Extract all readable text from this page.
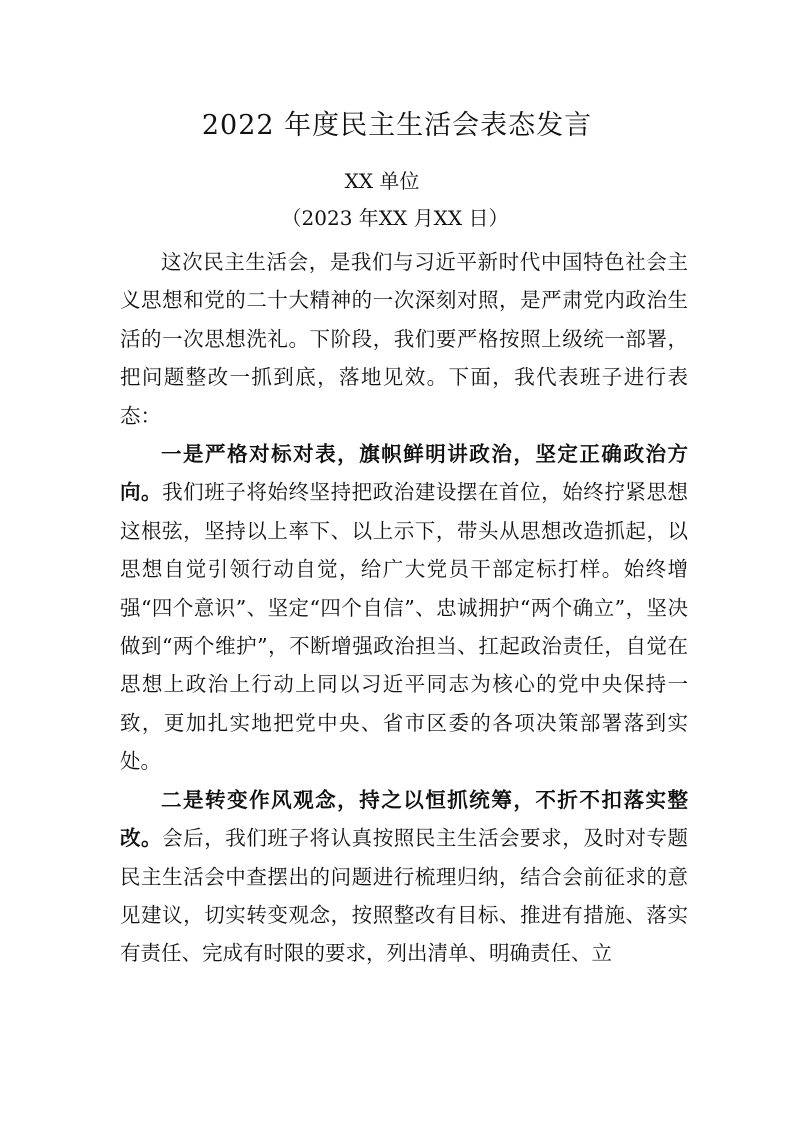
2022 年度民主生活会表态发言
XX 单位
（2023 年XX 月XX 日）

这次民主生活会，是我们与习近平新时代中国特色社会主义思想和党的二十大精神的一次深刻对照，是严肃党内政治生活的一次思想洗礼。下阶段，我们要严格按照上级统一部署，把问题整改一抓到底，落地见效。下面，我代表班子进行表态：

一是严格对标对表，旗帜鲜明讲政治，坚定正确政治方向。我们班子将始终坚持把政治建设摆在首位，始终拧紧思想这根弦，坚持以上率下、以上示下，带头从思想改造抓起，以思想自觉引领行动自觉，给广大党员干部定标打样。始终增强“四个意识”、坚定“四个自信”、忠诚拥护“两个确立”，坚决做到“两个维护”，不断增强政治担当、扛起政治责任，自觉在思想上政治上行动上同以习近平同志为核心的党中央保持一致，更加扎实地把党中央、省市区委的各项决策部署落到实处。

二是转变作风观念，持之以恒抓统筹，不折不扣落实整改。会后，我们班子将认真按照民主生活会要求，及时对专题民主生活会中查摆出的问题进行梳理归纳，结合会前征求的意见建议，切实转变观念，按照整改有目标、推进有措施、落实有责任、完成有时限的要求，列出清单、明确责任、立
